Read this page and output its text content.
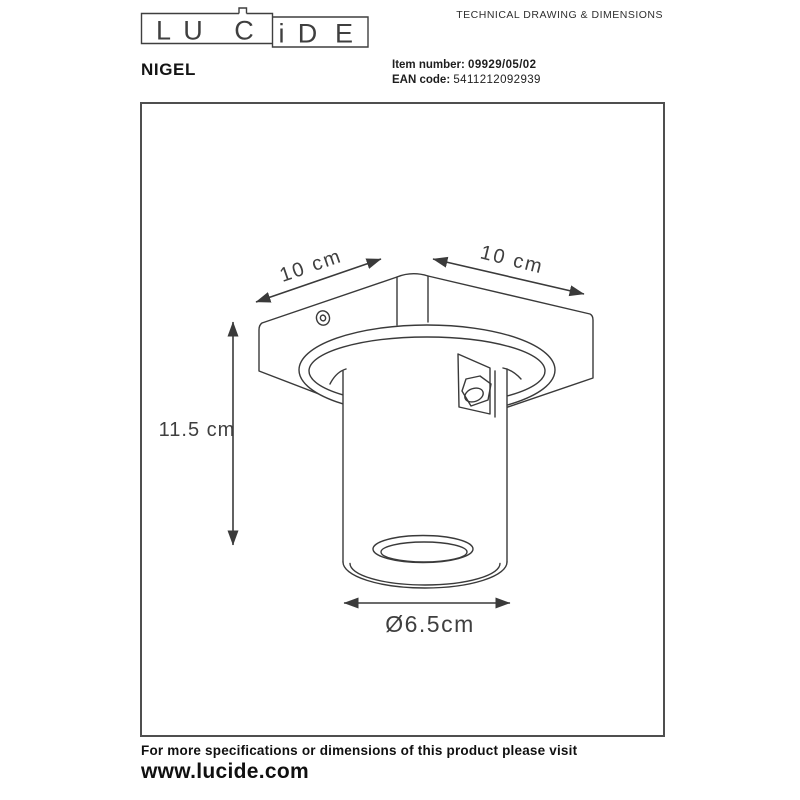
L U C i D E
10 cm	10 cm
11.5 cm
Ø6.5cm
TECHNICAL DRAWING & DIMENSIONS
NIGEL	Item number: 09929/05/02
EAN code: 5411212092939
For more specifications or dimensions of this product please visit
www.lucide.com
